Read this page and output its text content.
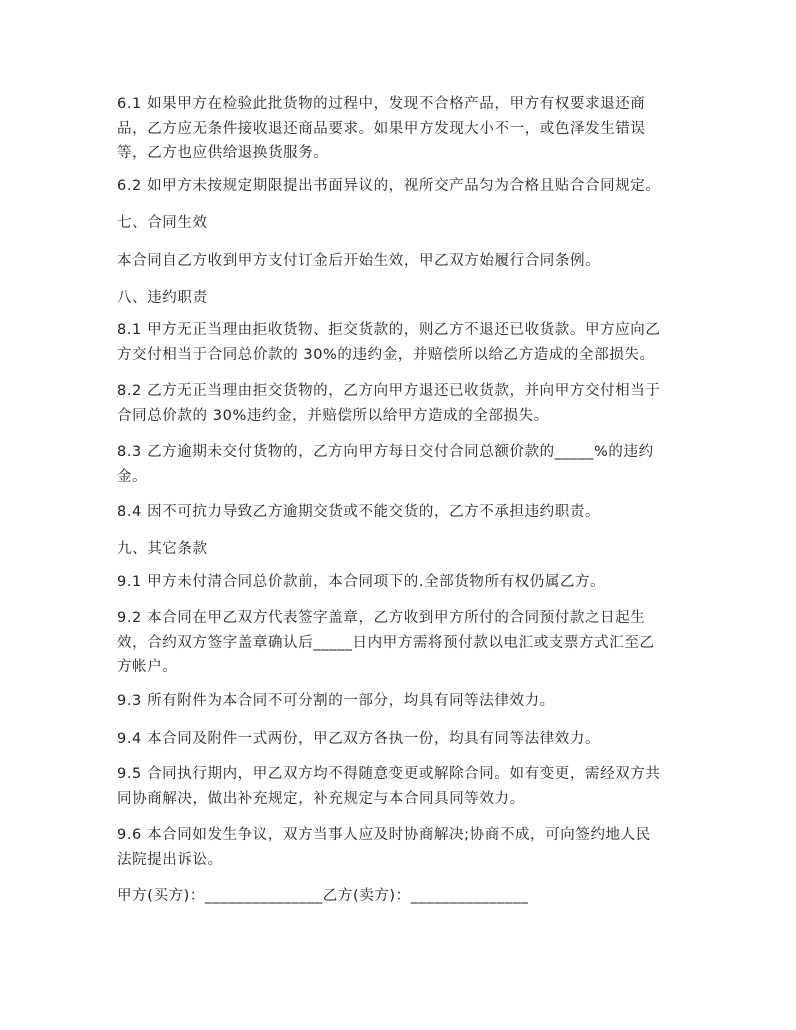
6.1 如果甲方在检验此批货物的过程中，发现不合格产品，甲方有权要求退还商
品，乙方应无条件接收退还商品要求。如果甲方发现大小不一，或色泽发生错误
等，乙方也应供给退换货服务。
6.2 如甲方未按规定期限提出书面异议的，视所交产品匀为合格且贴合合同规定。
七、合同生效
本合同自乙方收到甲方支付订金后开始生效，甲乙双方始履行合同条例。
八、违约职责
8.1 甲方无正当理由拒收货物、拒交货款的，则乙方不退还已收货款。甲方应向乙
方交付相当于合同总价款的 30%的违约金，并赔偿所以给乙方造成的全部损失。
8.2 乙方无正当理由拒交货物的，乙方向甲方退还已收货款，并向甲方交付相当于
合同总价款的 30%违约金，并赔偿所以给甲方造成的全部损失。
8.3 乙方逾期未交付货物的，乙方向甲方每日交付合同总额价款的_____%的违约
金。
8.4 因不可抗力导致乙方逾期交货或不能交货的，乙方不承担违约职责。
九、其它条款
9.1 甲方未付清合同总价款前，本合同项下的.全部货物所有权仍属乙方。
9.2 本合同在甲乙双方代表签字盖章，乙方收到甲方所付的合同预付款之日起生
效，合约双方签字盖章确认后_____日内甲方需将预付款以电汇或支票方式汇至乙
方帐户。
9.3 所有附件为本合同不可分割的一部分，均具有同等法律效力。
9.4 本合同及附件一式两份，甲乙双方各执一份，均具有同等法律效力。
9.5 合同执行期内，甲乙双方均不得随意变更或解除合同。如有变更，需经双方共
同协商解决，做出补充规定，补充规定与本合同具同等效力。
9.6 本合同如发生争议，双方当事人应及时协商解决;协商不成，可向签约地人民
法院提出诉讼。
甲方(买方)：_______________乙方(卖方)：_______________
